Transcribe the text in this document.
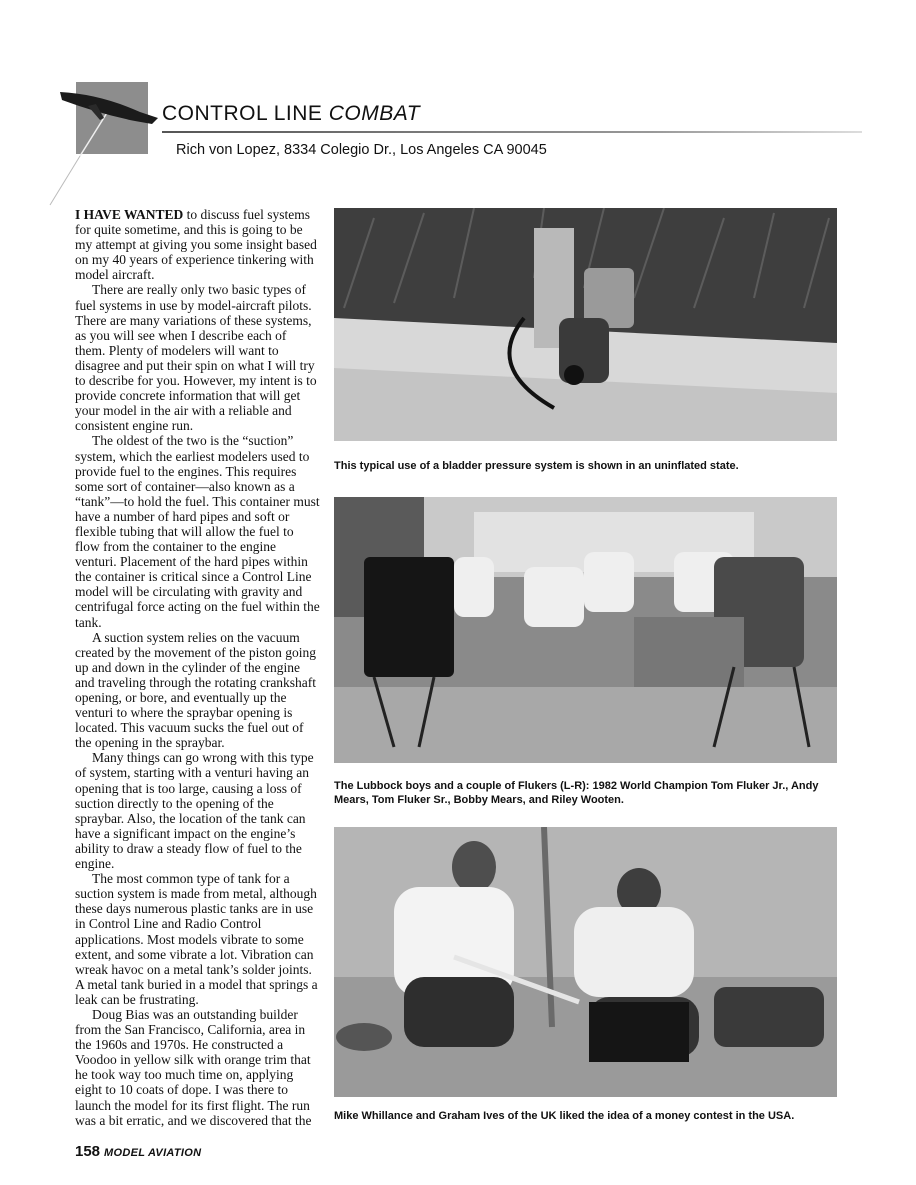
CONTROL LINE COMBAT
Rich von Lopez, 8334 Colegio Dr., Los Angeles CA 90045

I HAVE WANTED to discuss fuel systems for quite sometime, and this is going to be my attempt at giving you some insight based on my 40 years of experience tinkering with model aircraft.

There are really only two basic types of fuel systems in use by model-aircraft pilots. There are many variations of these systems, as you will see when I describe each of them. Plenty of modelers will want to disagree and put their spin on what I will try to describe for you. However, my intent is to provide concrete information that will get your model in the air with a reliable and consistent engine run.

The oldest of the two is the “suction” system, which the earliest modelers used to provide fuel to the engines. This requires some sort of container—also known as a “tank”—to hold the fuel. This container must have a number of hard pipes and soft or flexible tubing that will allow the fuel to flow from the container to the engine venturi. Placement of the hard pipes within the container is critical since a Control Line model will be circulating with gravity and centrifugal force acting on the fuel within the tank.

A suction system relies on the vacuum created by the movement of the piston going up and down in the cylinder of the engine and traveling through the rotating crankshaft opening, or bore, and eventually up the venturi to where the spraybar opening is located. This vacuum sucks the fuel out of the opening in the spraybar.

Many things can go wrong with this type of system, starting with a venturi having an opening that is too large, causing a loss of suction directly to the opening of the spraybar. Also, the location of the tank can have a significant impact on the engine’s ability to draw a steady flow of fuel to the engine.

The most common type of tank for a suction system is made from metal, although these days numerous plastic tanks are in use in Control Line and Radio Control applications. Most models vibrate to some extent, and some vibrate a lot. Vibration can wreak havoc on a metal tank’s solder joints. A metal tank buried in a model that springs a leak can be frustrating.

Doug Bias was an outstanding builder from the San Francisco, California, area in the 1960s and 1970s. He constructed a Voodoo in yellow silk with orange trim that he took way too much time on, applying eight to 10 coats of dope. I was there to launch the model for its first flight. The run was a bit erratic, and we discovered that the

This typical use of a bladder pressure system is shown in an uninflated state.
The Lubbock boys and a couple of Flukers (L-R): 1982 World Champion Tom Fluker Jr., Andy Mears, Tom Fluker Sr., Bobby Mears, and Riley Wooten.
Mike Whillance and Graham Ives of the UK liked the idea of a money contest in the USA.
158 MODEL AVIATION
